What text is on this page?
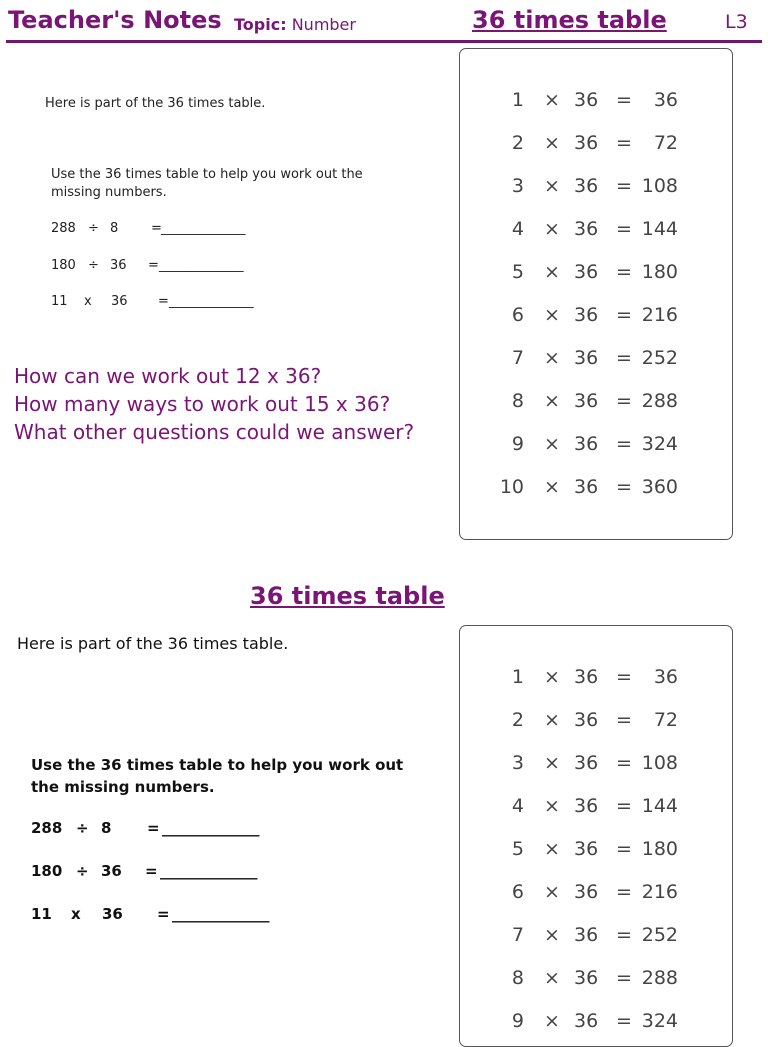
Teacher's Notes Topic: Number	36 times table	L3
Here is part of the 36 times table.
Use the 36 times table to help you work out the missing numbers.
288 ÷ 8	= _____________
180 ÷ 36 = _____________
11 x 36 = _____________
How can we work out 12 x 36?
How many ways to work out 15 x 36?
What other questions could we answer?
1 × 36 =	36
2 × 36 =	72
3 × 36 = 108
4 × 36 = 144
5 × 36 = 180
6 × 36 = 216
7 × 36 = 252
8 × 36 = 288
9 × 36 = 324
10 × 36 = 360
36 times table
Here is part of the 36 times table.
Use the 36 times table to help you work out the missing numbers.
288 ÷ 8 = _____________
180 ÷ 36 = _____________
11 x 36 = _____________
1 × 36 =	36
2 × 36 =	72
3 × 36 = 108
4 × 36 = 144
5 × 36 = 180
6 × 36 = 216
7 × 36 = 252
8 × 36 = 288
9 × 36 = 324
